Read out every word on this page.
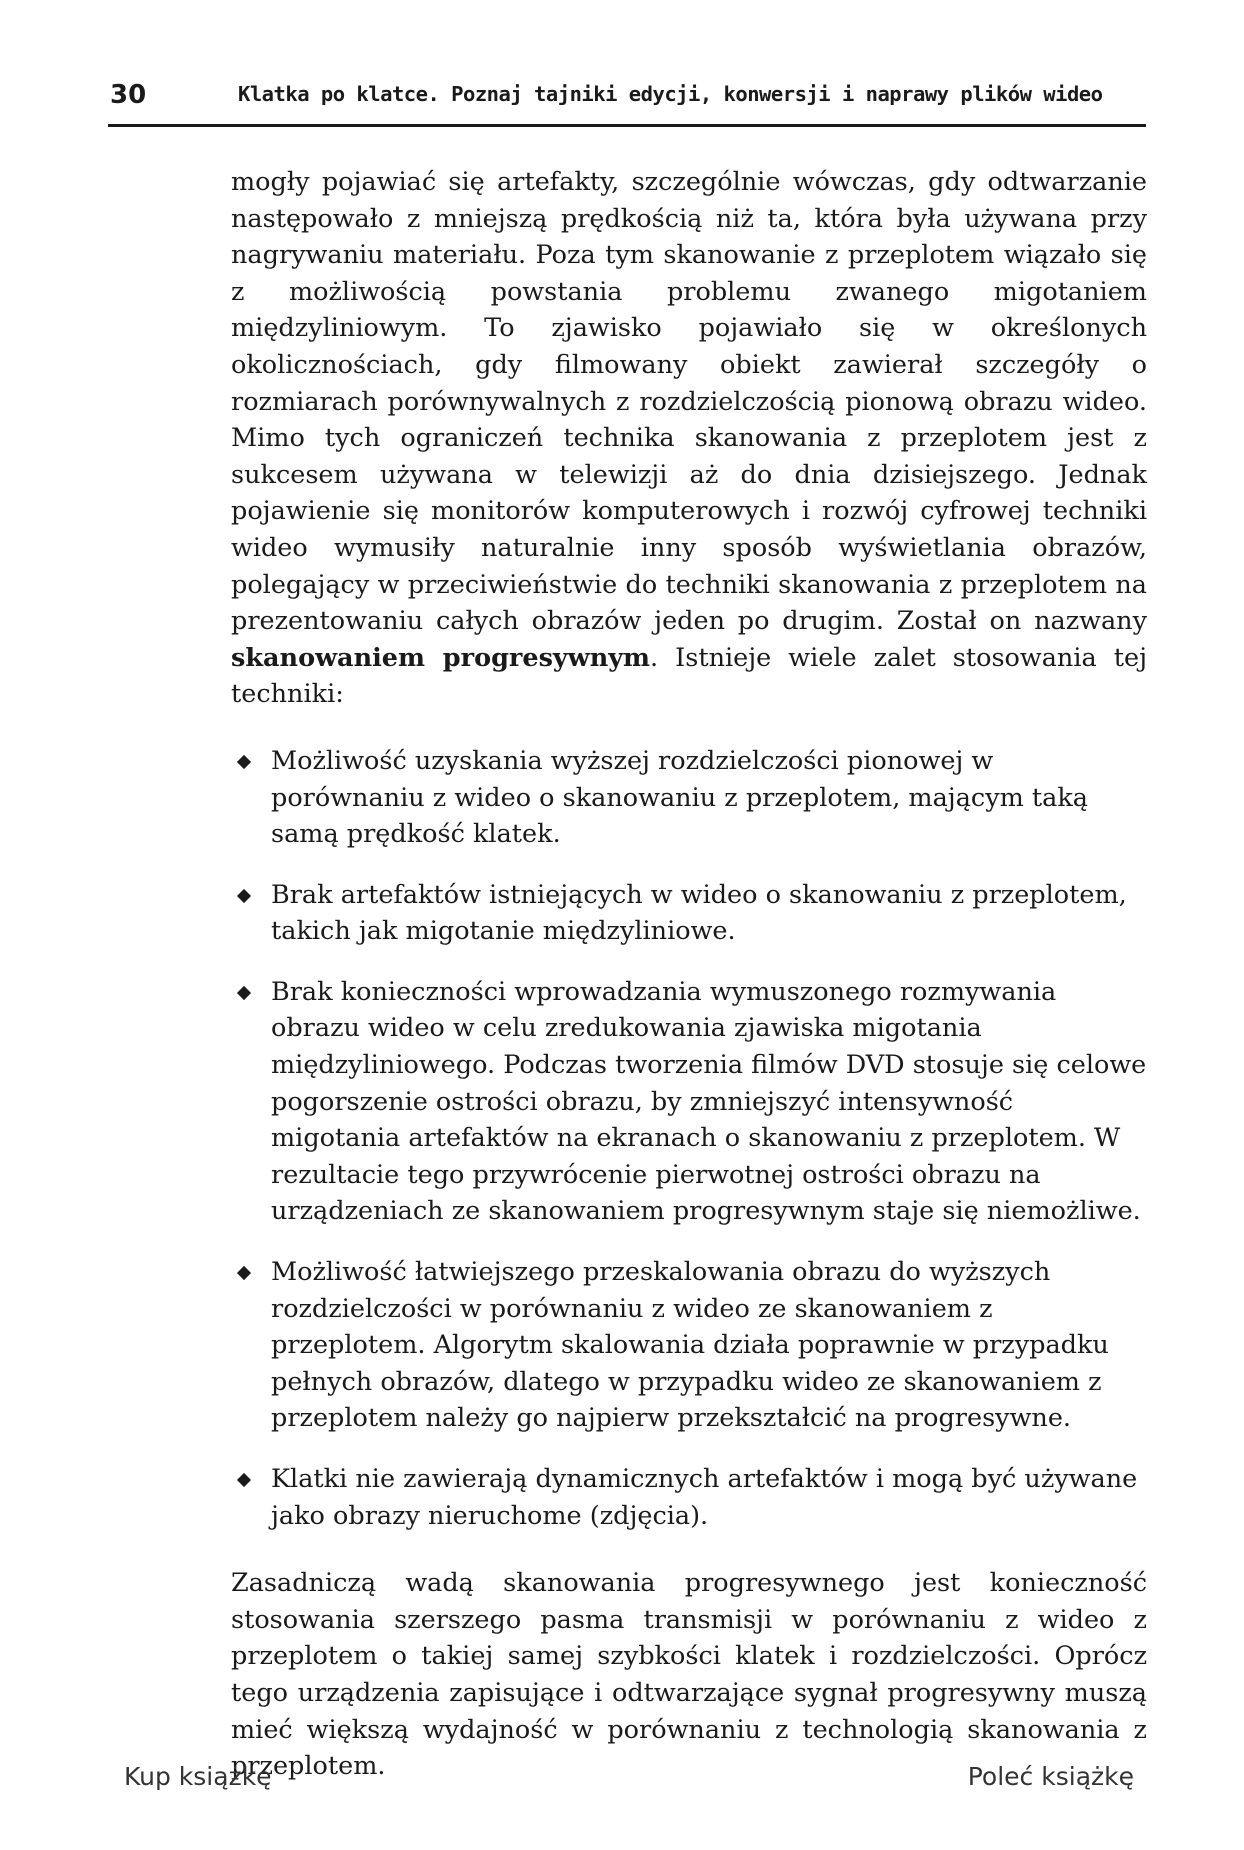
30	Klatka po klatce. Poznaj tajniki edycji, konwersji i naprawy plików wideo

mogły pojawiać się artefakty, szczególnie wówczas, gdy odtwarzanie następowało z mniejszą prędkością niż ta, która była używana przy nagrywaniu materiału. Poza tym skanowanie z przeplotem wiązało się z możliwością powstania problemu zwanego migotaniem międzyliniowym. To zjawisko pojawiało się w określonych okolicznościach, gdy filmowany obiekt zawierał szczegóły o rozmiarach porównywalnych z rozdzielczością pionową obrazu wideo. Mimo tych ograniczeń technika skanowania z przeplotem jest z sukcesem używana w telewizji aż do dnia dzisiejszego. Jednak pojawienie się monitorów komputerowych i rozwój cyfrowej techniki wideo wymusiły naturalnie inny sposób wyświetlania obrazów, polegający w przeciwieństwie do techniki skanowania z przeplotem na prezentowaniu całych obrazów jeden po drugim. Został on nazwany skanowaniem progresywnym. Istnieje wiele zalet stosowania tej techniki:

Możliwość uzyskania wyższej rozdzielczości pionowej w porównaniu z wideo o skanowaniu z przeplotem, mającym taką samą prędkość klatek.
Brak artefaktów istniejących w wideo o skanowaniu z przeplotem, takich jak migotanie międzyliniowe.
Brak konieczności wprowadzania wymuszonego rozmywania obrazu wideo w celu zredukowania zjawiska migotania międzyliniowego. Podczas tworzenia filmów DVD stosuje się celowe pogorszenie ostrości obrazu, by zmniejszyć intensywność migotania artefaktów na ekranach o skanowaniu z przeplotem. W rezultacie tego przywrócenie pierwotnej ostrości obrazu na urządzeniach ze skanowaniem progresywnym staje się niemożliwe.
Możliwość łatwiejszego przeskalowania obrazu do wyższych rozdzielczości w porównaniu z wideo ze skanowaniem z przeplotem. Algorytm skalowania działa poprawnie w przypadku pełnych obrazów, dlatego w przypadku wideo ze skanowaniem z przeplotem należy go najpierw przekształcić na progresywne.
Klatki nie zawierają dynamicznych artefaktów i mogą być używane jako obrazy nieruchome (zdjęcia).

Zasadniczą wadą skanowania progresywnego jest konieczność stosowania szerszego pasma transmisji w porównaniu z wideo z przeplotem o takiej samej szybkości klatek i rozdzielczości. Oprócz tego urządzenia zapisujące i odtwarzające sygnał progresywny muszą mieć większą wydajność w porównaniu z technologią skanowania z przeplotem.

Kup książkę	Poleć książkę
